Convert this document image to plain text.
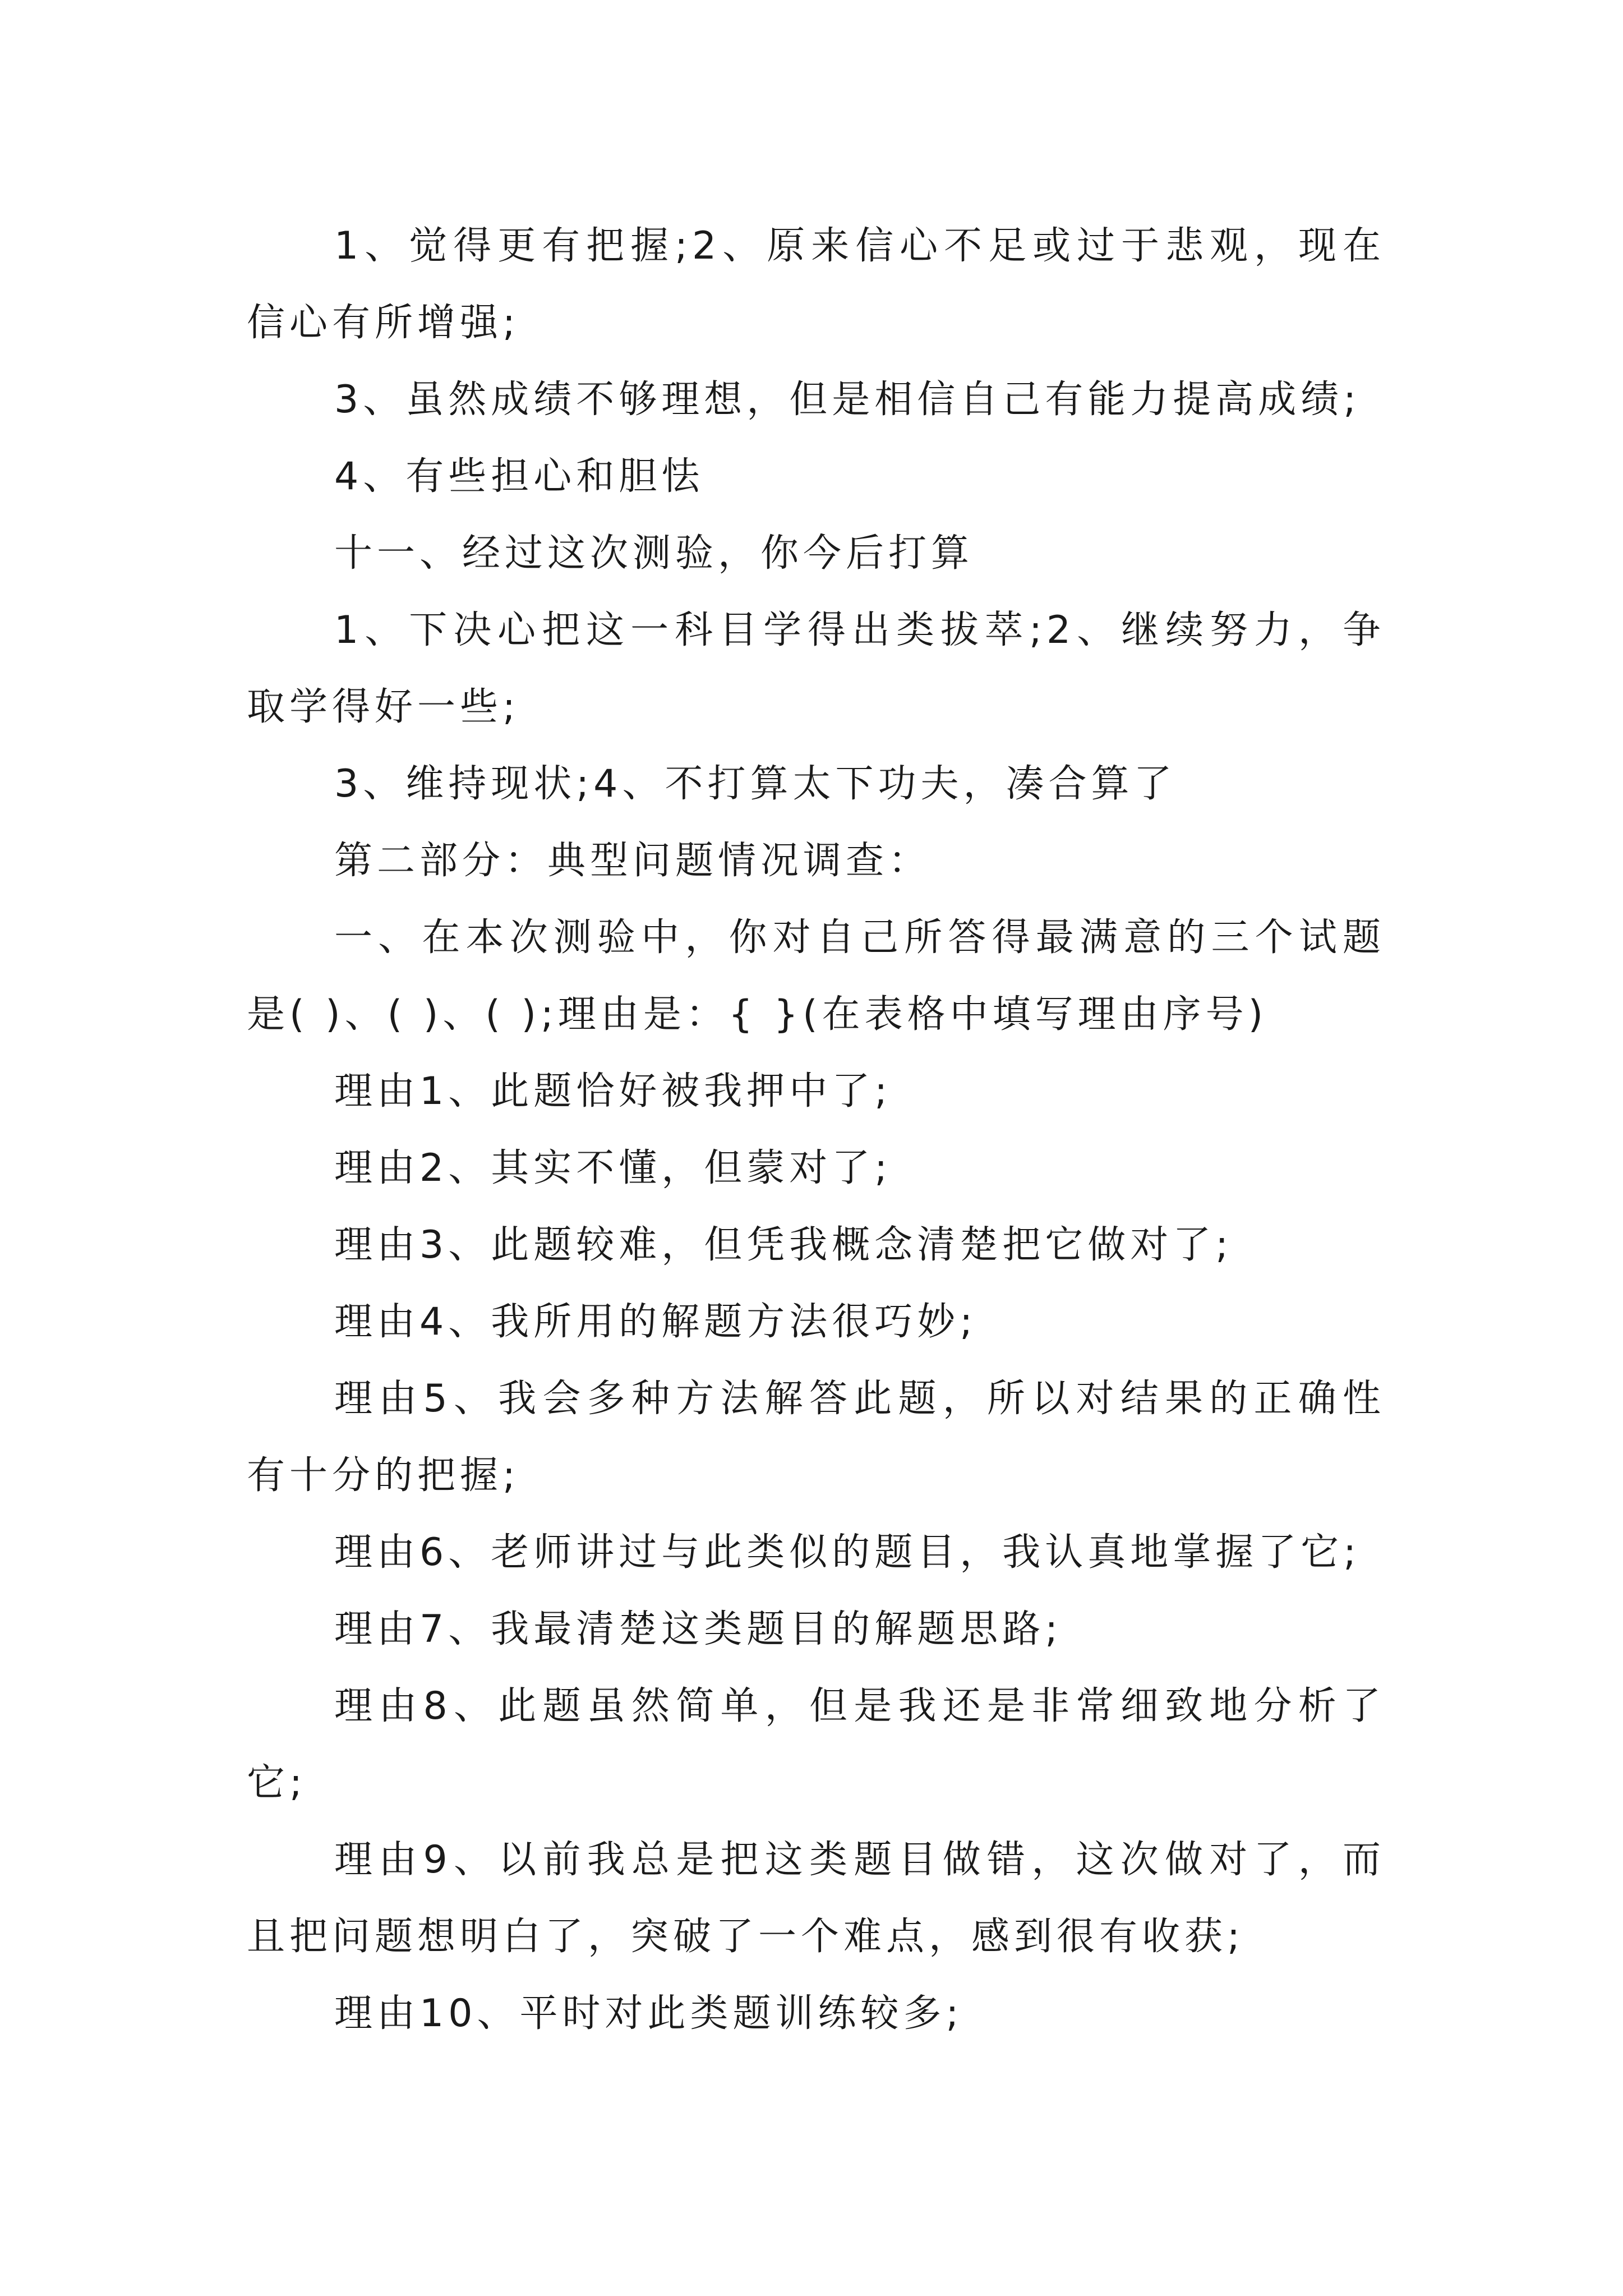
1、觉得更有把握;2、原来信心不足或过于悲观，现在信心有所增强;

3、虽然成绩不够理想，但是相信自己有能力提高成绩;

4、有些担心和胆怯

十一、经过这次测验，你今后打算

1、下决心把这一科目学得出类拔萃;2、继续努力，争取学得好一些;

3、维持现状;4、不打算太下功夫，凑合算了

第二部分：典型问题情况调查：

一、在本次测验中，你对自己所答得最满意的三个试题是( )、( )、( );理由是：{ }(在表格中填写理由序号)

理由1、此题恰好被我押中了;

理由2、其实不懂，但蒙对了;

理由3、此题较难，但凭我概念清楚把它做对了;

理由4、我所用的解题方法很巧妙;

理由5、我会多种方法解答此题，所以对结果的正确性有十分的把握;

理由6、老师讲过与此类似的题目，我认真地掌握了它;

理由7、我最清楚这类题目的解题思路;

理由8、此题虽然简单，但是我还是非常细致地分析了它;

理由9、以前我总是把这类题目做错，这次做对了，而且把问题想明白了，突破了一个难点，感到很有收获;

理由10、平时对此类题训练较多;
